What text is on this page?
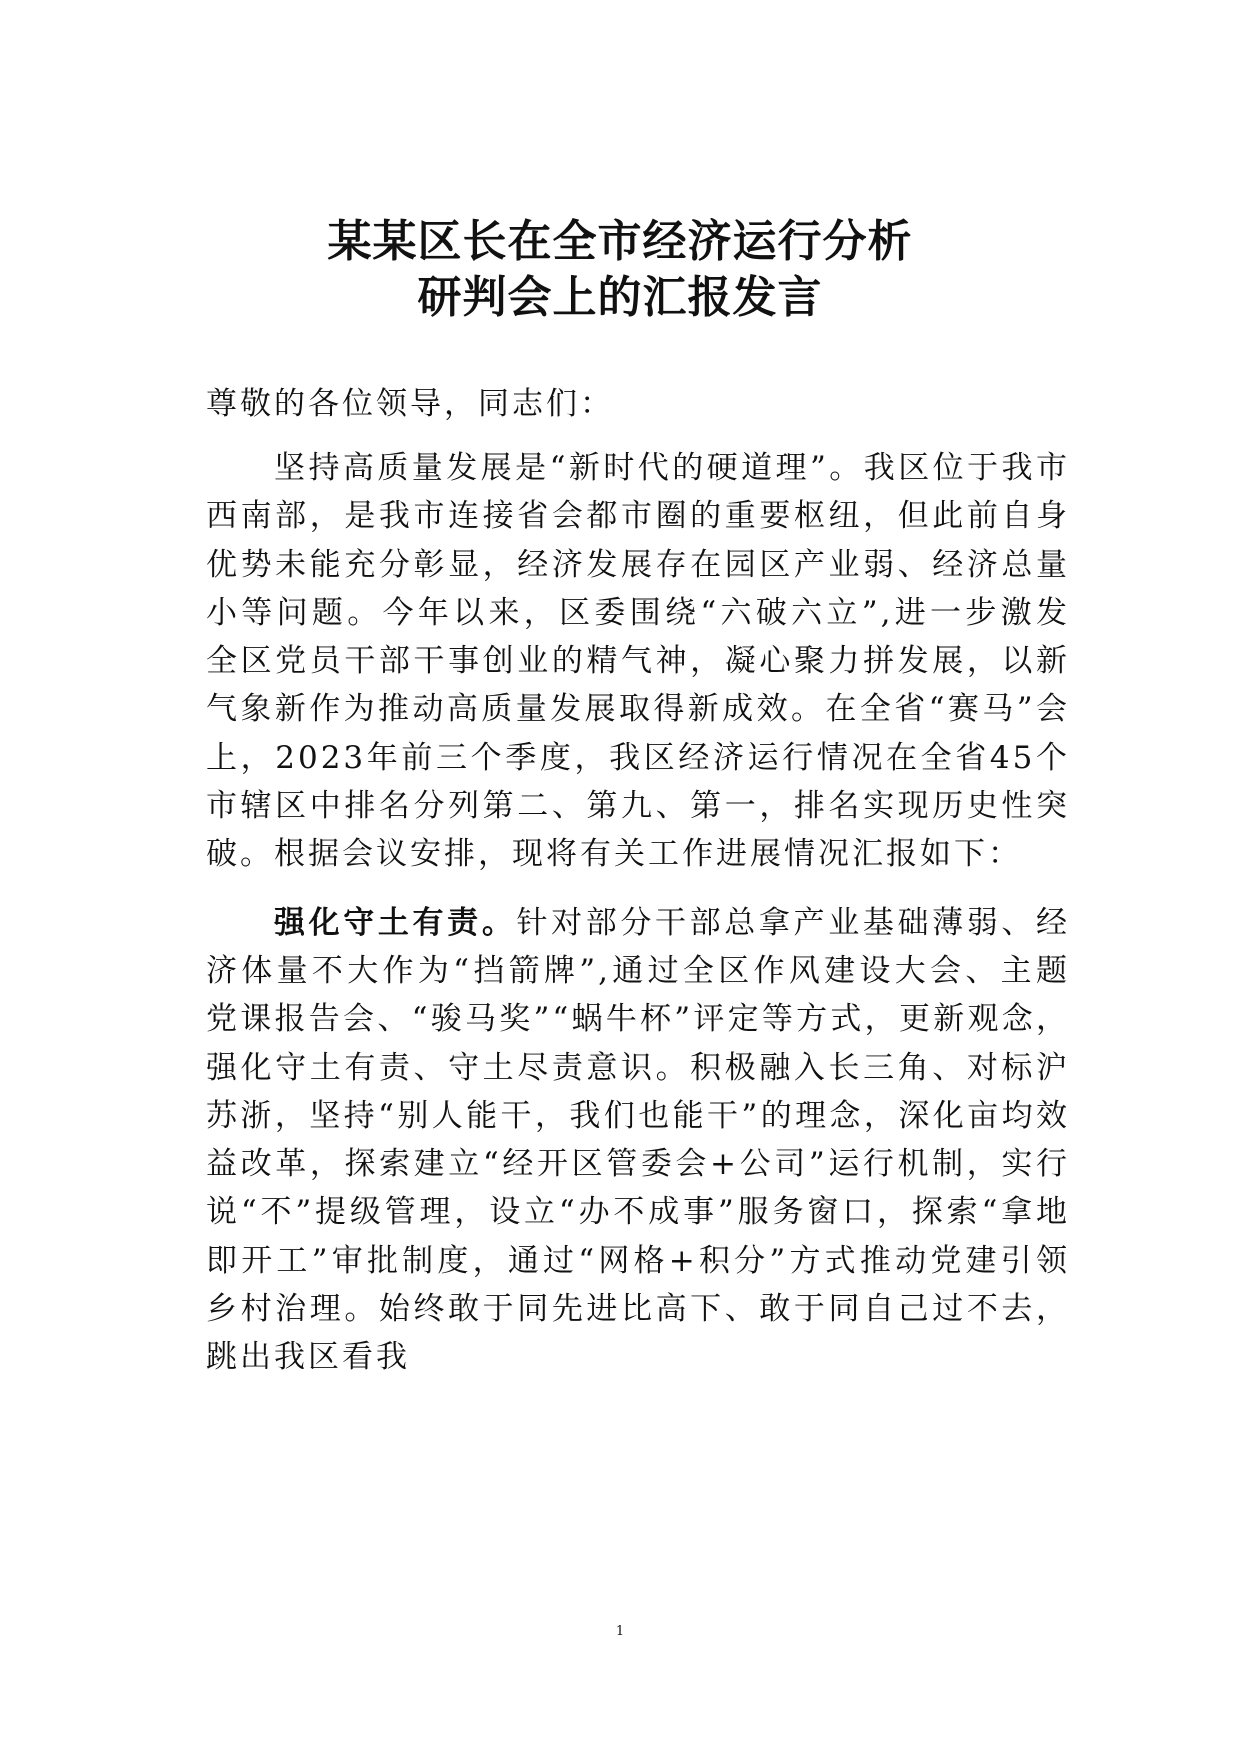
某某区长在全市经济运行分析
研判会上的汇报发言

尊敬的各位领导，同志们：

坚持高质量发展是“新时代的硬道理”。我区位于我市西南部，是我市连接省会都市圈的重要枢纽，但此前自身优势未能充分彰显，经济发展存在园区产业弱、经济总量小等问题。今年以来，区委围绕“六破六立”,进一步激发全区党员干部干事创业的精气神，凝心聚力拼发展，以新气象新作为推动高质量发展取得新成效。在全省“赛马”会上，2023年前三个季度，我区经济运行情况在全省45个市辖区中排名分列第二、第九、第一，排名实现历史性突破。根据会议安排，现将有关工作进展情况汇报如下：

强化守土有责。针对部分干部总拿产业基础薄弱、经济体量不大作为“挡箭牌”,通过全区作风建设大会、主题党课报告会、“骏马奖”“蜗牛杯”评定等方式，更新观念，强化守土有责、守土尽责意识。积极融入长三角、对标沪苏浙，坚持“别人能干，我们也能干”的理念，深化亩均效益改革，探索建立“经开区管委会+公司”运行机制，实行说“不”提级管理，设立“办不成事”服务窗口，探索“拿地即开工”审批制度，通过“网格+积分”方式推动党建引领乡村治理。始终敢于同先进比高下、敢于同自己过不去，跳出我区看我

1
